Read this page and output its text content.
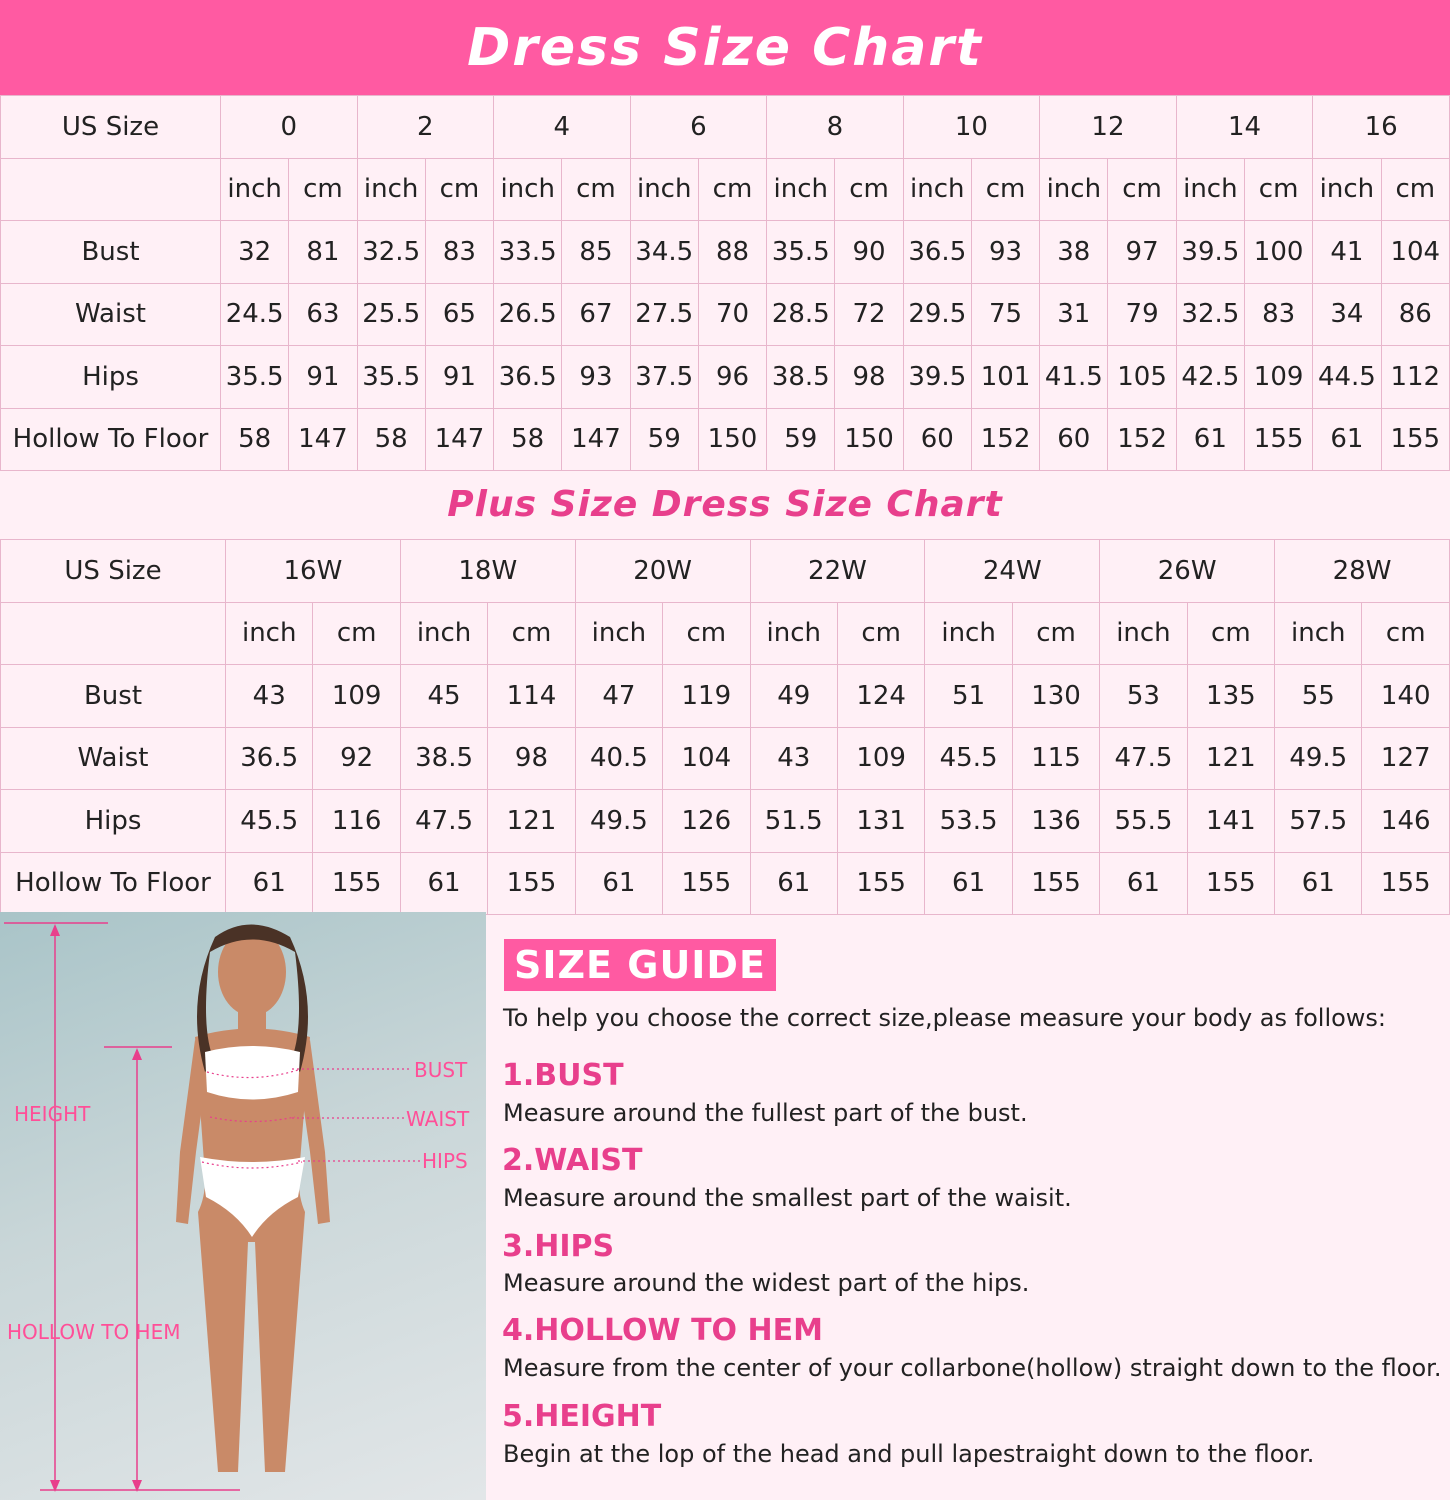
Dress Size Chart
US Size	0		2		4		6		8		10		12		14		16	
	inch	cm	inch	cm	inch	cm	inch	cm	inch	cm	inch	cm	inch	cm	inch	cm	inch	cm
Bust	32	81	32.5	83	33.5	85	34.5	88	35.5	90	36.5	93	38	97	39.5	100	41	104
Waist	24.5	63	25.5	65	26.5	67	27.5	70	28.5	72	29.5	75	31	79	32.5	83	34	86
Hips	35.5	91	35.5	91	36.5	93	37.5	96	38.5	98	39.5	101	41.5	105	42.5	109	44.5	112
Hollow To Floor	58	147	58	147	58	147	59	150	59	150	60	152	60	152	61	155	61	155
Plus Size Dress Size Chart
US Size	16W		18W		20W		22W		24W		26W		28W	
	inch	cm	inch	cm	inch	cm	inch	cm	inch	cm	inch	cm	inch	cm
Bust	43	109	45	114	47	119	49	124	51	130	53	135	55	140
Waist	36.5	92	38.5	98	40.5	104	43	109	45.5	115	47.5	121	49.5	127
Hips	45.5	116	47.5	121	49.5	126	51.5	131	53.5	136	55.5	141	57.5	146
Hollow To Floor	61	155	61	155	61	155	61	155	61	155	61	155	61	155
HEIGHT
HOLLOW TO HEM
BUST
WAIST
HIPS
SIZE GUIDE
To help you choose the correct size,please measure your body as follows:
1.BUST
Measure around the fullest part of the bust.
2.WAIST
Measure around the smallest part of the waisit.
3.HIPS
Measure around the widest part of the hips.
4.HOLLOW TO HEM
Measure from the center of your collarbone(hollow) straight down to the floor.
5.HEIGHT
Begin at the lop of the head and pull lapestraight down to the floor.
